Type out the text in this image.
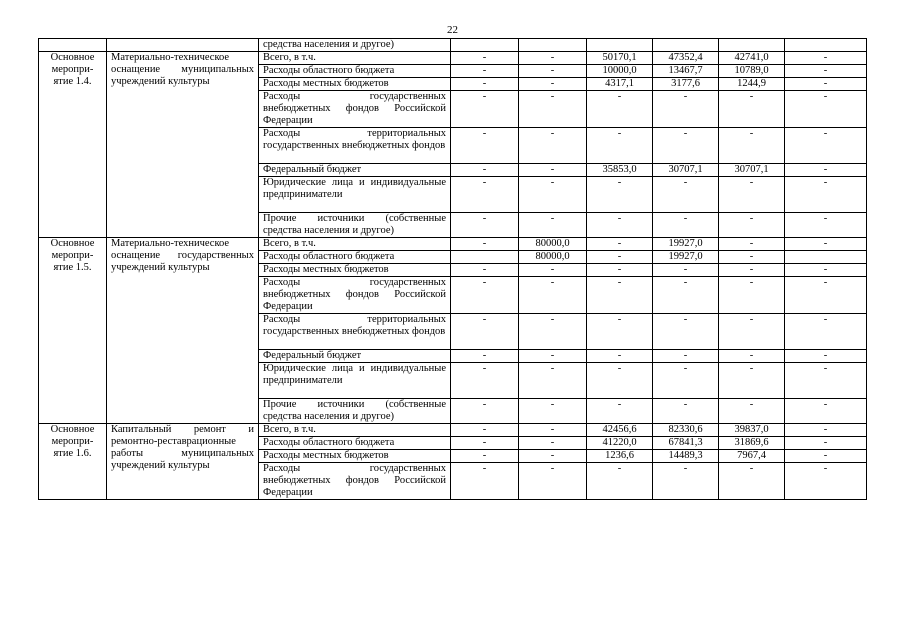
22
		средства населения и другое)						
Основное меропри-ятие 1.4.	Материально-техническое оснащение муниципальных учреждений культуры	Всего, в т.ч.	-	-	50170,1	47352,4	42741,0	-
		Расходы областного бюджета	-	-	10000,0	13467,7	10789,0	-
		Расходы местных бюджетов	-	-	4317,1	3177,6	1244,9	-
		Расходы государственных внебюджетных фондов Российской Федерации	-	-	-	-	-	-
		Расходы территориальных государственных внебюджетных фондов	-	-	-	-	-	-
		Федеральный бюджет	-	-	35853,0	30707,1	30707,1	-
		Юридические лица и индивидуальные предприниматели	-	-	-	-	-	-
		Прочие источники (собственные средства населения и другое)	-	-	-	-	-	-
Основное меропри-ятие 1.5.	Материально-техническое оснащение государственных учреждений культуры	Всего, в т.ч.	-	80000,0	-	19927,0	-	-
		Расходы областного бюджета		80000,0	-	19927,0	-	
		Расходы местных бюджетов	-	-	-	-	-	-
		Расходы государственных внебюджетных фондов Российской Федерации	-	-	-	-	-	-
		Расходы территориальных государственных внебюджетных фондов	-	-	-	-	-	-
		Федеральный бюджет	-	-	-	-	-	-
		Юридические лица и индивидуальные предприниматели	-	-	-	-	-	-
		Прочие источники (собственные средства населения и другое)	-	-	-	-	-	-
Основное меропри-ятие 1.6.	Капитальный ремонт и ремонтно-реставрационные работы муниципальных учреждений культуры	Всего, в т.ч.	-	-	42456,6	82330,6	39837,0	-
		Расходы областного бюджета	-	-	41220,0	67841,3	31869,6	-
		Расходы местных бюджетов	-	-	1236,6	14489,3	7967,4	-
		Расходы государственных внебюджетных фондов Российской Федерации	-	-	-	-	-	-
